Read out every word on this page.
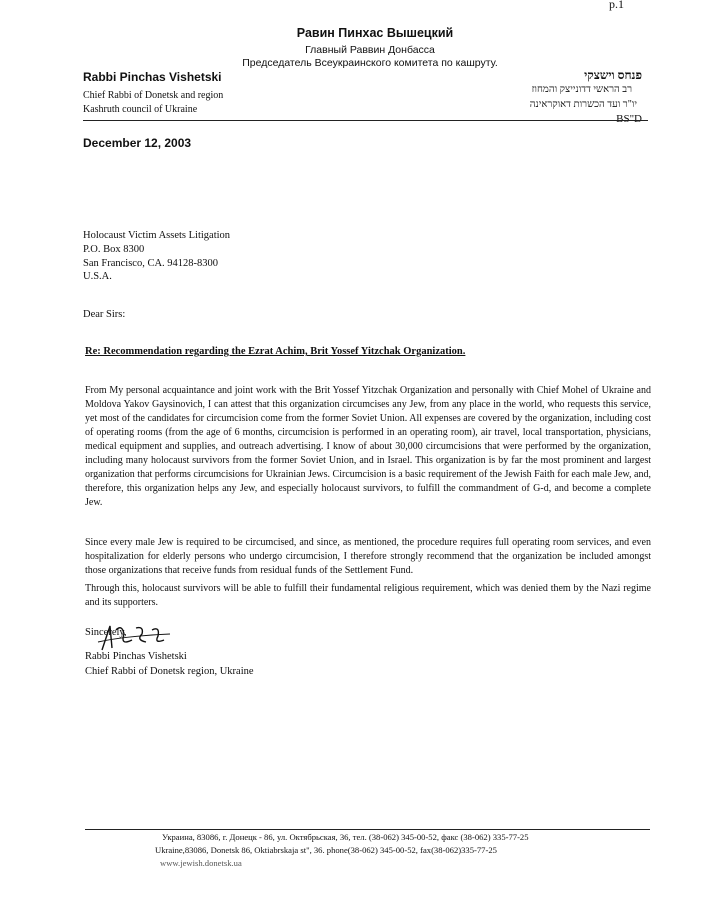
p.1
Равин Пинхас Вышецкий
Главный Раввин Донбасса
Председатель Всеукраинского комитета по кашруту.
Rabbi Pinchas Vishetski	פנחס וישצקי
Chief Rabbi of Donetsk and region
Kashruth council of Ukraine
רב הראשי דדונייצק והמחוז
יו"ר ועד הכשרות דאוקראינה
BS"D
December 12, 2003
Holocaust Victim Assets Litigation
P.O. Box 8300
San Francisco, CA. 94128-8300
U.S.A.
Dear Sirs:
Re: Recommendation regarding the Ezrat Achim, Brit Yossef Yitzchak Organization.
From My personal acquaintance and joint work with the Brit Yossef Yitzchak Organization and personally with Chief Mohel of Ukraine and Moldova Yakov Gaysinovich, I can attest that this organization circumcises any Jew, from any place in the world, who requests this service, yet most of the candidates for circumcision come from the former Soviet Union. All expenses are covered by the organization, including cost of operating rooms (from the age of 6 months, circumcision is performed in an operating room), air travel, local transportation, physicians, medical equipment and supplies, and outreach advertising. I know of about 30,000 circumcisions that were performed by the organization, including many holocaust survivors from the former Soviet Union, and in Israel. This organization is by far the most prominent and largest organization that performs circumcisions for Ukrainian Jews. Circumcision is a basic requirement of the Jewish Faith for each male Jew, and, therefore, this organization helps any Jew, and especially holocaust survivors, to fulfill the commandment of G-d, and become a complete Jew.
Since every male Jew is required to be circumcised, and since, as mentioned, the procedure requires full operating room services, and even hospitalization for elderly persons who undergo circumcision, I therefore strongly recommend that the organization be included amongst those organizations that receive funds from residual funds of the Settlement Fund.
Through this, holocaust survivors will be able to fulfill their fundamental religious requirement, which was denied them by the Nazi regime and its supporters.
Sincerely,
Rabbi Pinchas Vishetski
Chief Rabbi of Donetsk region, Ukraine
Украина, 83086, г. Донецк - 86, ул. Октябрьская, 36, тел. (38-062) 345-00-52, факс (38-062) 335-77-25
Ukraine,83086, Donetsk 86, Oktiabrskaja st", 36. phone(38-062) 345-00-52, fax(38-062)335-77-25
www.jewish.donetsk.ua
